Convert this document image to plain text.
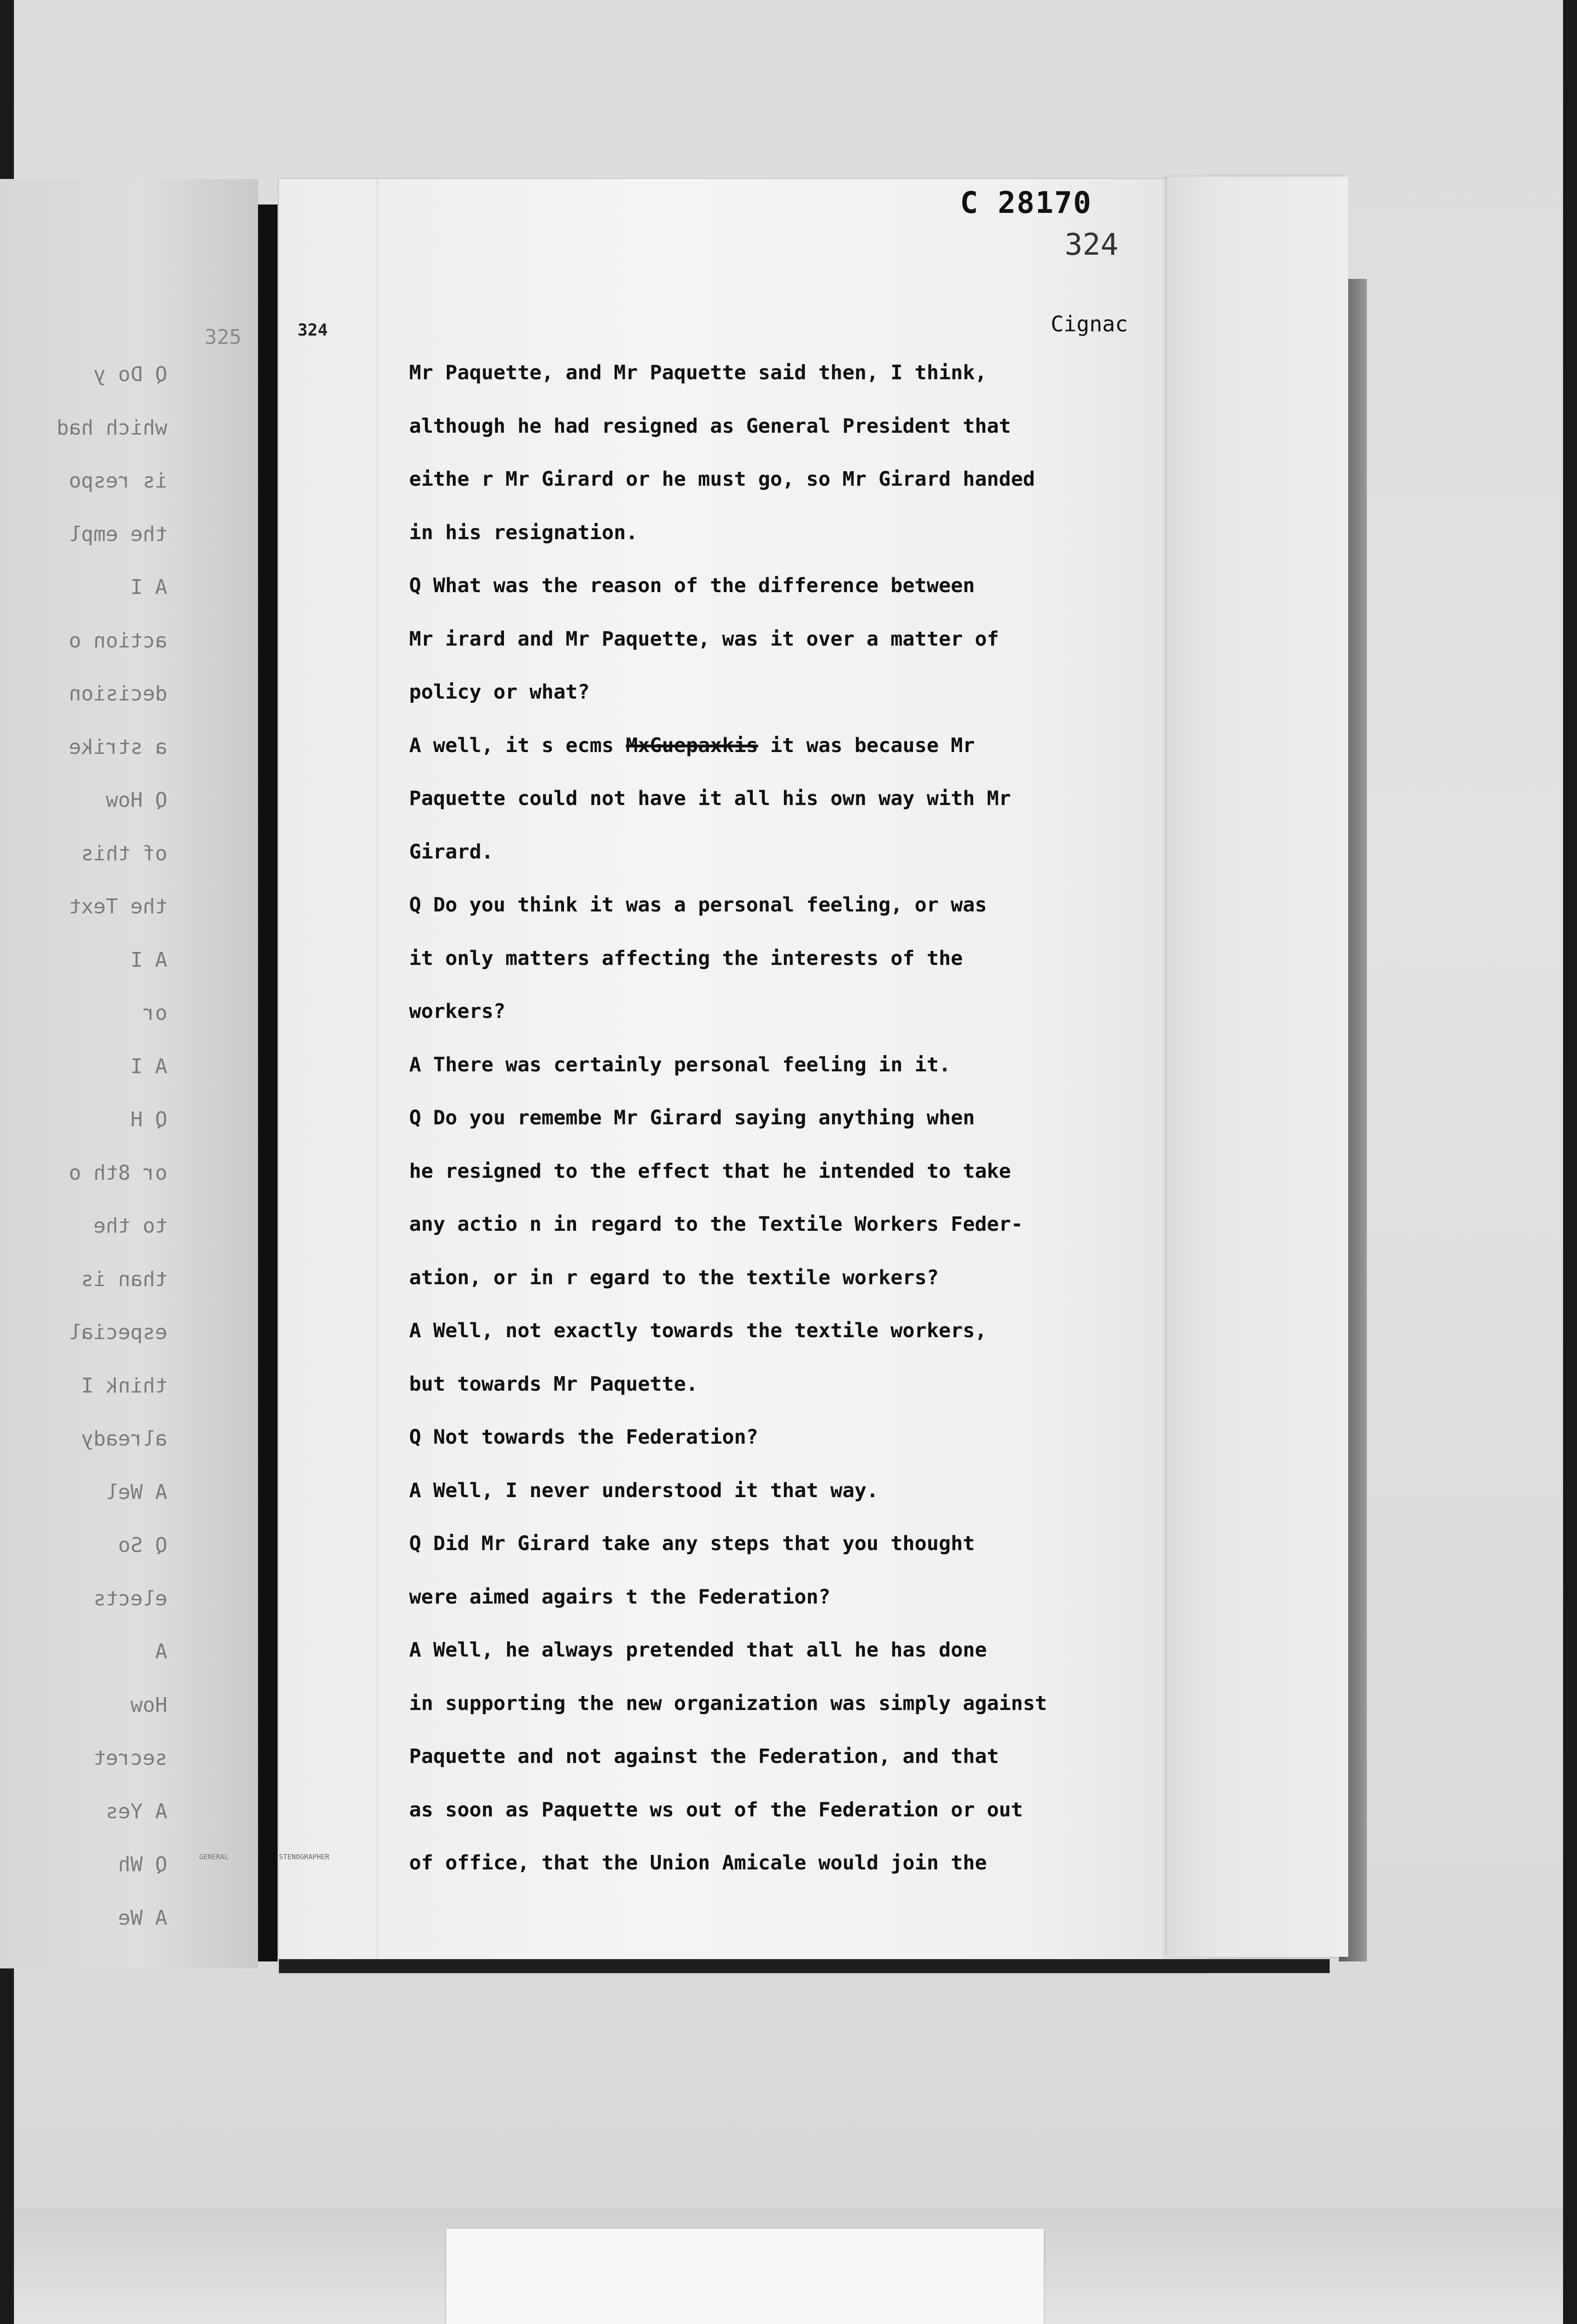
325
Q Do y
which had
is respo
the empl
A I
action o
decision
a strike
Q How
of this
the Text
A I
or
A I
Q H
or 8th o
to the
than is
especial
think I
already
A Wel
Q So
elects
A
How
secret
A Yes
Q Wh
A We
C 28170
324
324	Cignac
Mr Paquette, and Mr Paquette said then, I think,
although he had resigned as General President that
eithe r Mr Girard or he must go, so Mr Girard handed
in his resignation.
Q What was the reason of the difference between
Mr irard and Mr Paquette, was it over a matter of
policy or what?
A well, it s ecms MxGuepaxkis it was because Mr
Paquette could not have it all his own way with Mr
Girard.
Q Do you think it was a personal feeling, or was
it only matters affecting the interests of the
workers?
A There was certainly personal feeling in it.
Q Do you remembe Mr Girard saying anything when
he resigned to the effect that he intended to take
any actio n in regard to the Textile Workers Feder-
ation, or in r egard to the textile workers?
A Well, not exactly towards the textile workers,
but towards Mr Paquette.
Q Not towards the Federation?
A Well, I never understood it that way.
Q Did Mr Girard take any steps that you thought
were aimed agairs t the Federation?
A Well, he always pretended that all he has done
in supporting the new organization was simply against
Paquette and not against the Federation, and that
as soon as Paquette ws out of the Federation or out
of office, that the Union Amicale would join the
GENERAL	STENOGRAPHER
